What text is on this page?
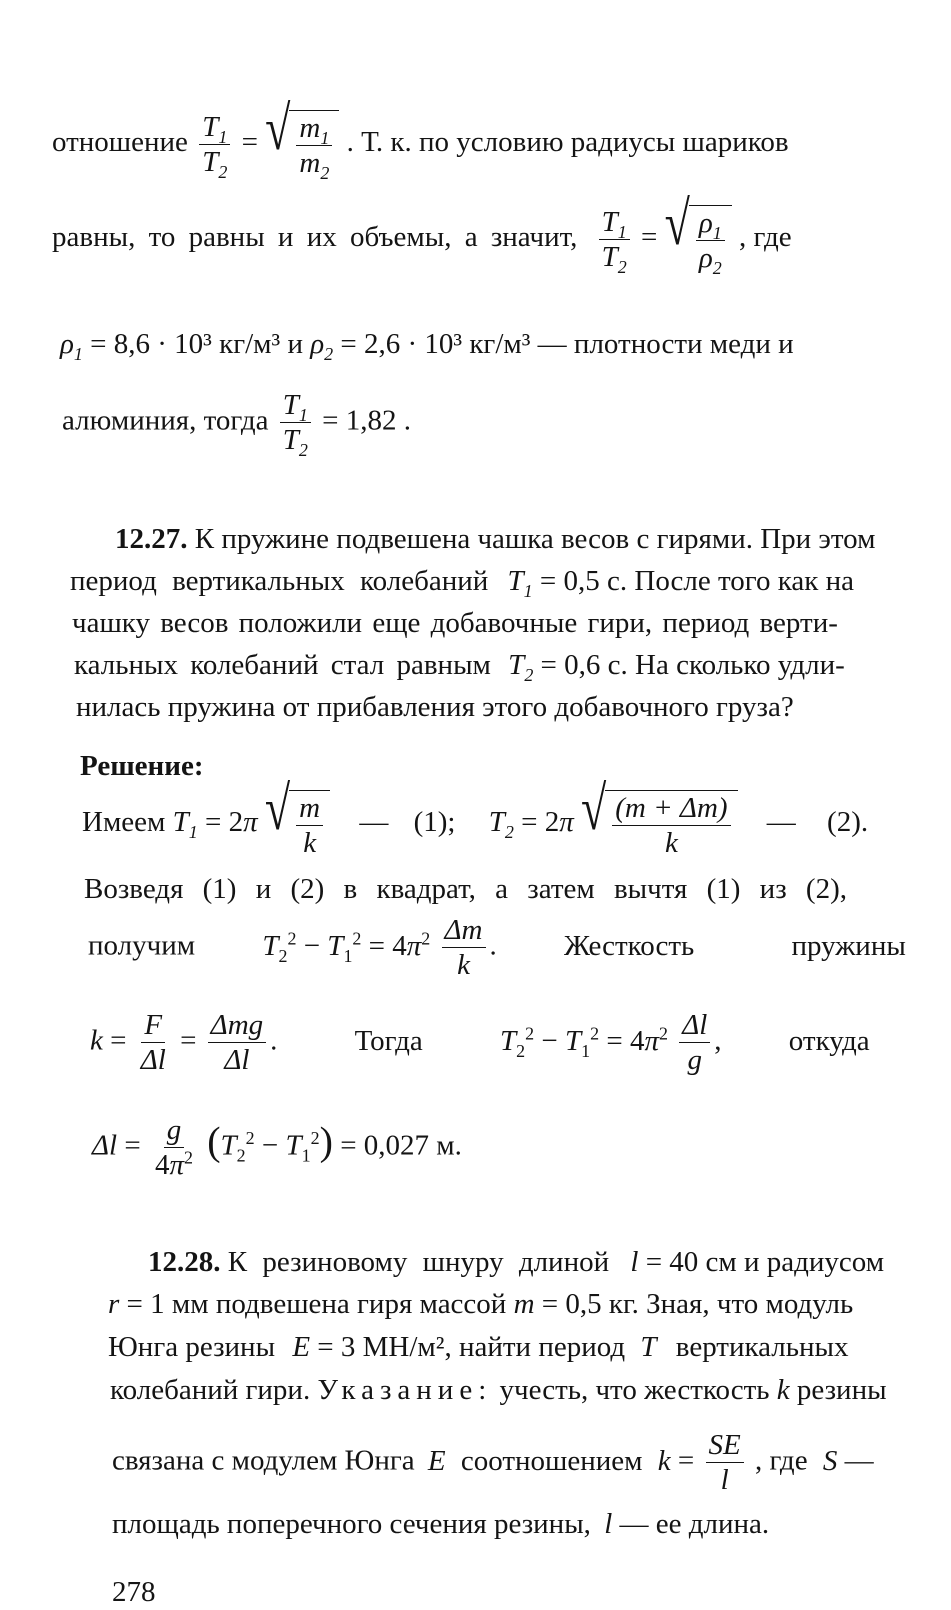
отношение $\frac{T_1}{T_2}$ = √ $\frac{m_1}{m_2}$ . Т. к. по условию радиусы шариков
равны, то равны и их объемы, а значит, $\frac{T_1}{T_2}$ = √ $\frac{\rho_1}{\rho_2}$ , где
$\rho_1 = 8,6 \cdot 10^3$ кг/м³ и $\rho_2 = 2,6 \cdot 10^3$ кг/м³ — плотности меди и
алюминия, тогда $\frac{T_1}{T_2} = 1,82$ .
12.27. К пружине подвешена чашка весов с гирями. При этом
период вертикальных колебаний $T_1 = 0,5$ с. После того как на
чашку весов положили еще добавочные гири, период верти-
кальных колебаний стал равным $T_2 = 0,6$ с. На сколько удли-
нилась пружина от прибавления этого добавочного груза?
Решение:
Имеем $T_1 = 2\pi$ √ $\frac{m}{k}$ — (1); $T_2 = 2\pi$ √ $\frac{(m + \Delta m)}{k}$ — (2).
Возведя (1) и (2) в квадрат, а затем вычтя (1) из (2),
получим $T_2^2 - T_1^2 = 4\pi^2 \frac{\Delta m}{k}$ . Жесткость	пружины
$k = \frac{F}{\Delta l} = \frac{\text{Δmg}}{\Delta l}$ . Тогда	$T_2^2 - T_1^2 = 4\pi^2 \frac{\Delta l}{g}$ , откуда
$\Delta l = \frac{g}{4\pi^2} (T_2^2 - T_1^2) = 0,027$ м.
12.28. К резиновому шнуру длиной l = 40 см и радиусом
r = 1 мм подвешена гиря массой m = 0,5 кг. Зная, что модуль
Юнга резины E = 3 МН/м², найти период T вертикальных
колебаний гири. Указание: учесть, что жесткость k резины
связана с модулем Юнга E соотношением $k = \frac{SE}{l}$ , где S —
площадь поперечного сечения резины, l — ее длина.
278
